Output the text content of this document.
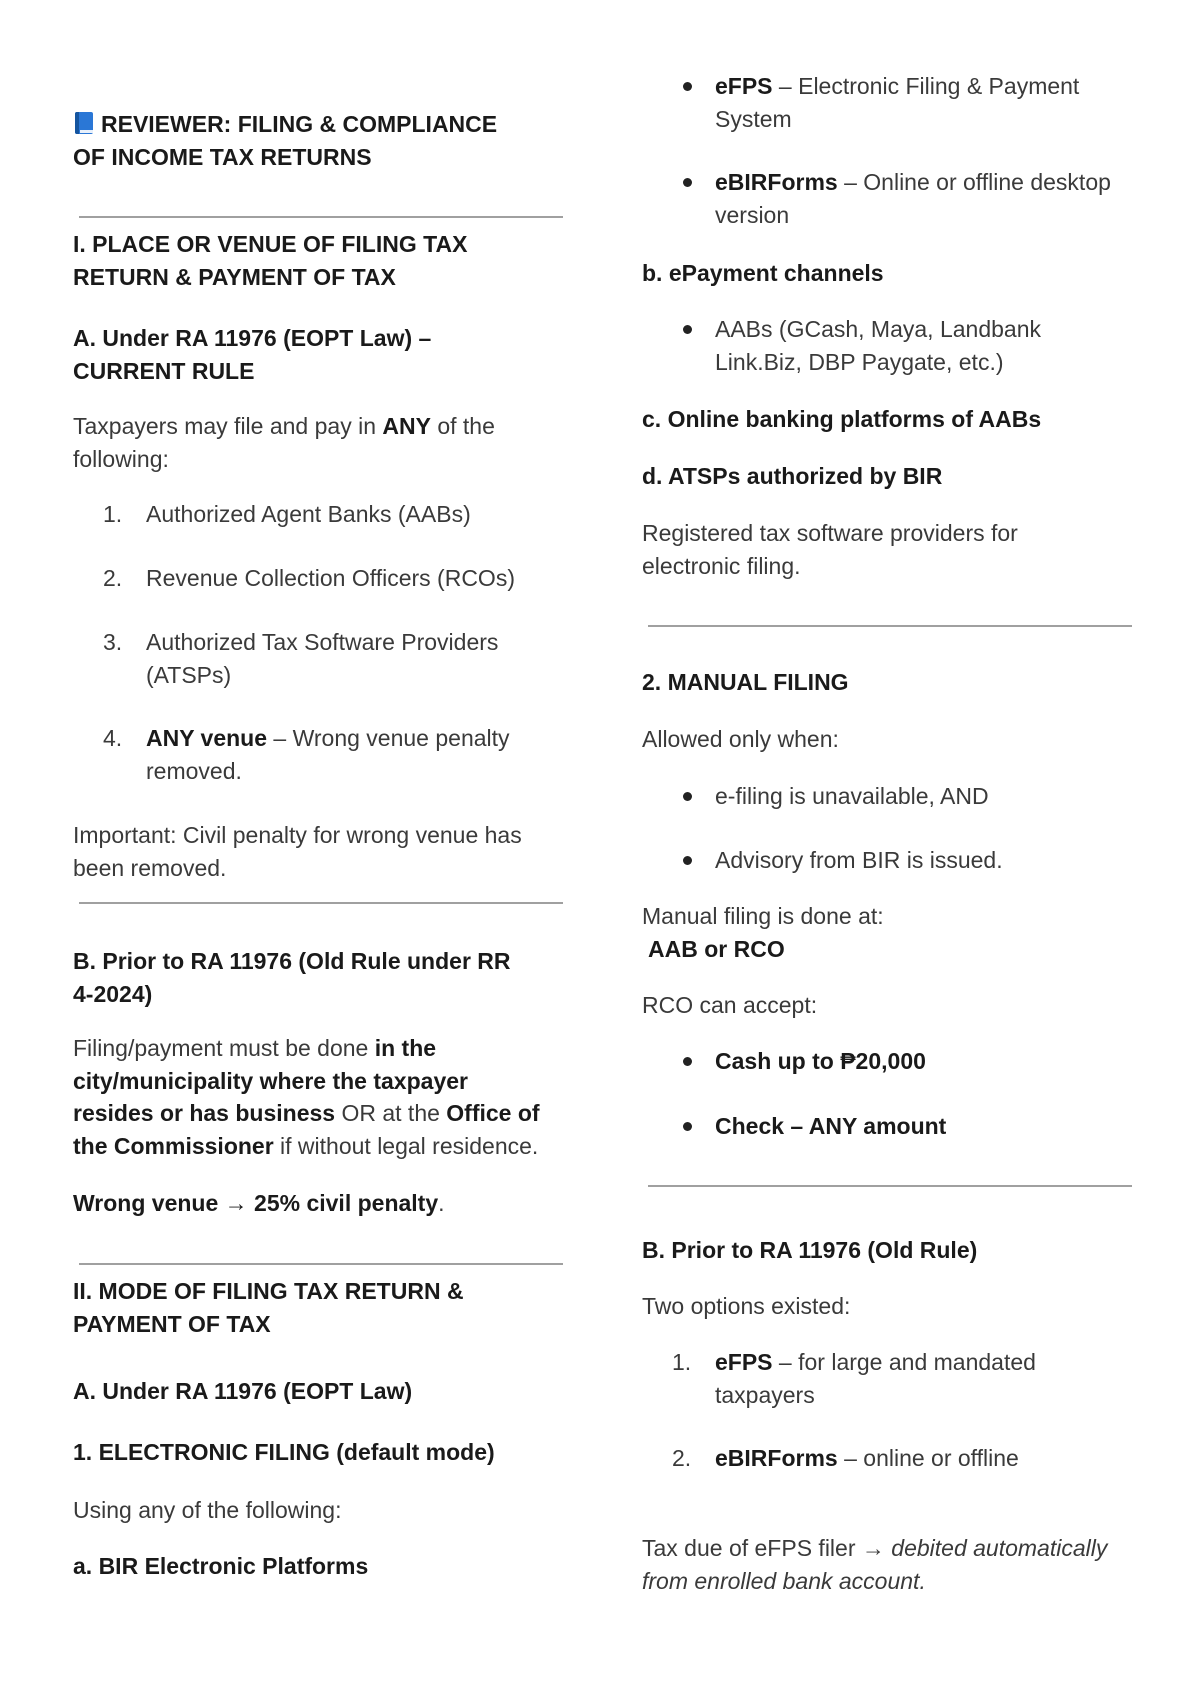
REVIEWER: FILING & COMPLIANCE
OF INCOME TAX RETURNS
I. PLACE OR VENUE OF FILING TAX
RETURN & PAYMENT OF TAX
A. Under RA 11976 (EOPT Law) –
CURRENT RULE
Taxpayers may file and pay in ANY of the
following:
1.	Authorized Agent Banks (AABs)
2.	Revenue Collection Officers (RCOs)
3.	Authorized Tax Software Providers
(ATSPs)
4.	ANY venue – Wrong venue penalty
removed.
Important: Civil penalty for wrong venue has
been removed.
B. Prior to RA 11976 (Old Rule under RR
4-2024)
Filing/payment must be done in the
city/municipality where the taxpayer
resides or has business OR at the Office of
the Commissioner if without legal residence.
Wrong venue → 25% civil penalty.
II. MODE OF FILING TAX RETURN &
PAYMENT OF TAX
A. Under RA 11976 (EOPT Law)
1. ELECTRONIC FILING (default mode)
Using any of the following:
a. BIR Electronic Platforms
eFPS – Electronic Filing & Payment
System
eBIRForms – Online or offline desktop
version
b. ePayment channels
AABs (GCash, Maya, Landbank
Link.Biz, DBP Paygate, etc.)
c. Online banking platforms of AABs
d. ATSPs authorized by BIR
Registered tax software providers for
electronic filing.
2. MANUAL FILING
Allowed only when:
e-filing is unavailable, AND
Advisory from BIR is issued.
Manual filing is done at:
AAB or RCO
RCO can accept:
Cash up to ₱20,000
Check – ANY amount
B. Prior to RA 11976 (Old Rule)
Two options existed:
1.	eFPS – for large and mandated
taxpayers
2.	eBIRForms – online or offline
Tax due of eFPS filer → debited automatically
from enrolled bank account.
